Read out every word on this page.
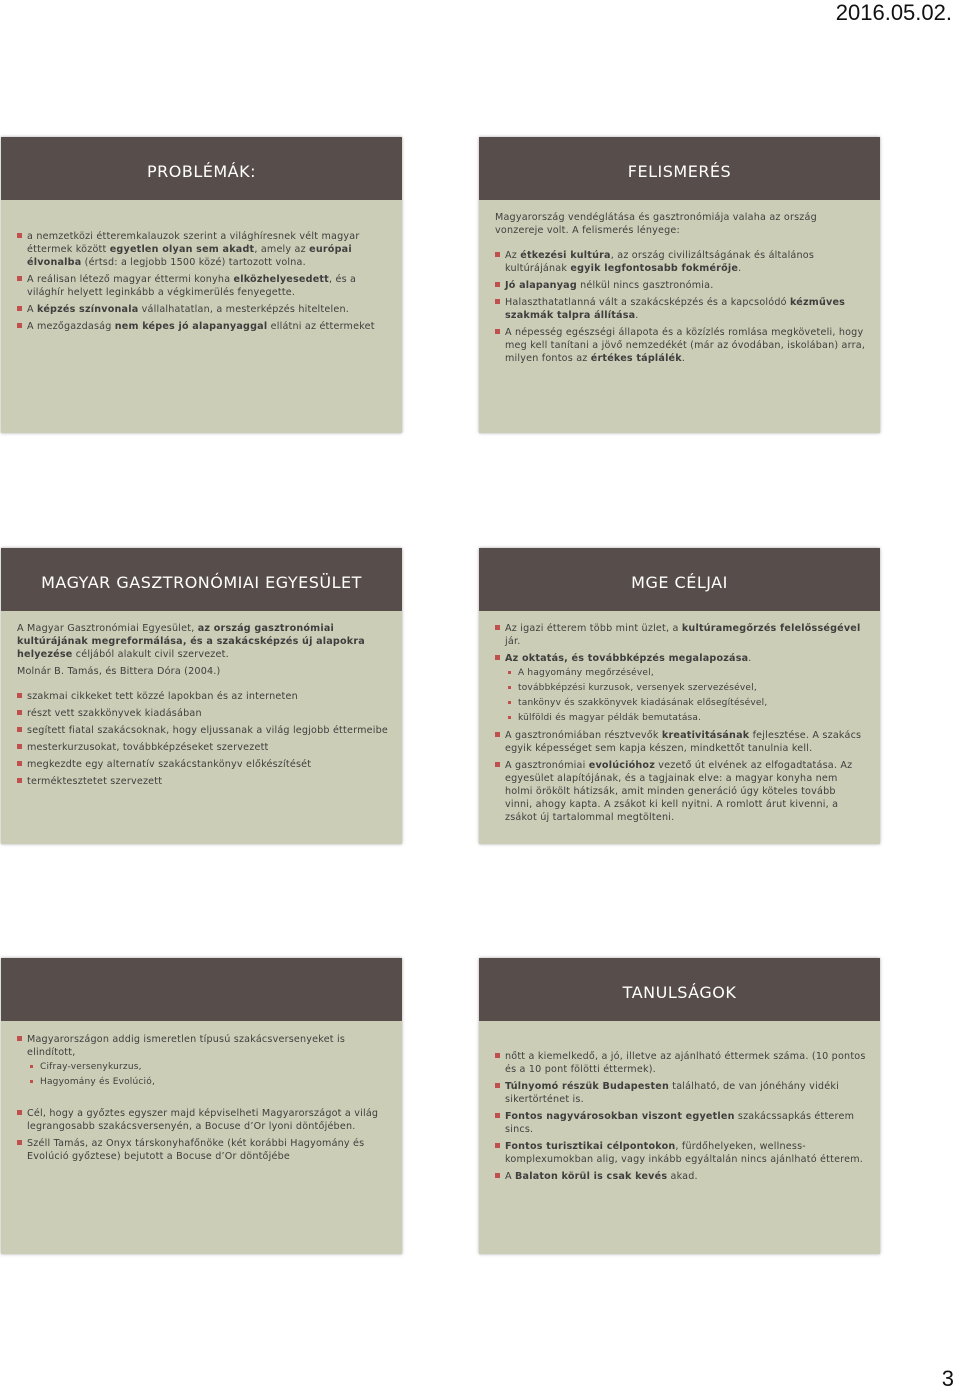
2016.05.02.
PROBLÉMÁK:
a nemzetközi étteremkalauzok szerint a világhíresnek vélt magyar éttermek között egyetlen olyan sem akadt, amely az európai élvonalba (értsd: a legjobb 1500 közé) tartozott volna.
A reálisan létező magyar éttermi konyha elközhelyesedett, és a világhír helyett leginkább a végkimerülés fenyegette.
A képzés színvonala vállalhatatlan, a mesterképzés hiteltelen.
A mezőgazdaság nem képes jó alapanyaggal ellátni az éttermeket
FELISMERÉS

Magyarország vendéglátása és gasztronómiája valaha az ország vonzereje volt. A felismerés lényege:

Az étkezési kultúra, az ország civilizáltságának és általános kultúrájának egyik legfontosabb fokmérője.
Jó alapanyag nélkül nincs gasztronómia.
Halaszthatatlanná vált a szakácsképzés és a kapcsolódó kézműves szakmák talpra állítása.
A népesség egészségi állapota és a közízlés romlása megköveteli, hogy meg kell tanítani a jövő nemzedékét (már az óvodában, iskolában) arra, milyen fontos az értékes táplálék.
MAGYAR GASZTRONÓMIAI EGYESÜLET

A Magyar Gasztronómiai Egyesület, az ország gasztronómiai kultúrájának megreformálása, és a szakácsképzés új alapokra helyezése céljából alakult civil szervezet.

Molnár B. Tamás, és Bittera Dóra (2004.)

szakmai cikkeket tett közzé lapokban és az interneten
részt vett szakkönyvek kiadásában
segített fiatal szakácsoknak, hogy eljussanak a világ legjobb éttermeibe
mesterkurzusokat, továbbképzéseket szervezett
megkezdte egy alternatív szakácstankönyv előkészítését
terméktesztetet szervezett
MGE CÉLJAI
Az igazi étterem több mint üzlet, a kultúramegőrzés felelősségével jár.
Az oktatás, és továbbképzés megalapozása.
A hagyomány megőrzésével,
továbbképzési kurzusok, versenyek szervezésével,
tankönyv és szakkönyvek kiadásának elősegítésével,
külföldi és magyar példák bemutatása.
A gasztronómiában résztvevők kreativitásának fejlesztése. A szakács egyik képességet sem kapja készen, mindkettőt tanulnia kell.
A gasztronómiai evolúcióhoz vezető út elvének az elfogadtatása. Az egyesület alapítójának, és a tagjainak elve: a magyar konyha nem holmi örökölt hátizsák, amit minden generáció úgy köteles tovább vinni, ahogy kapta. A zsákot ki kell nyitni. A romlott árut kivenni, a zsákot új tartalommal megtölteni.
Magyarországon addig ismeretlen típusú szakácsversenyeket is elindított,
Cifray-versenykurzus,
Hagyomány és Evolúció,
Cél, hogy a győztes egyszer majd képviselheti Magyarországot a világ legrangosabb szakácsversenyén, a Bocuse d’Or lyoni döntőjében.
Széll Tamás, az Onyx társkonyhafőnöke (két korábbi Hagyomány és Evolúció győztese) bejutott a Bocuse d’Or döntőjébe
TANULSÁGOK
nőtt a kiemelkedő, a jó, illetve az ajánlható éttermek száma. (10 pontos és a 10 pont fölötti éttermek).
Túlnyomó részük Budapesten található, de van jónéhány vidéki sikertörténet is.
Fontos nagyvárosokban viszont egyetlen szakácssapkás étterem sincs.
Fontos turisztikai célpontokon, fürdőhelyeken, wellness-komplexumokban alig, vagy inkább egyáltalán nincs ajánlható étterem.
A Balaton körül is csak kevés akad.
3
